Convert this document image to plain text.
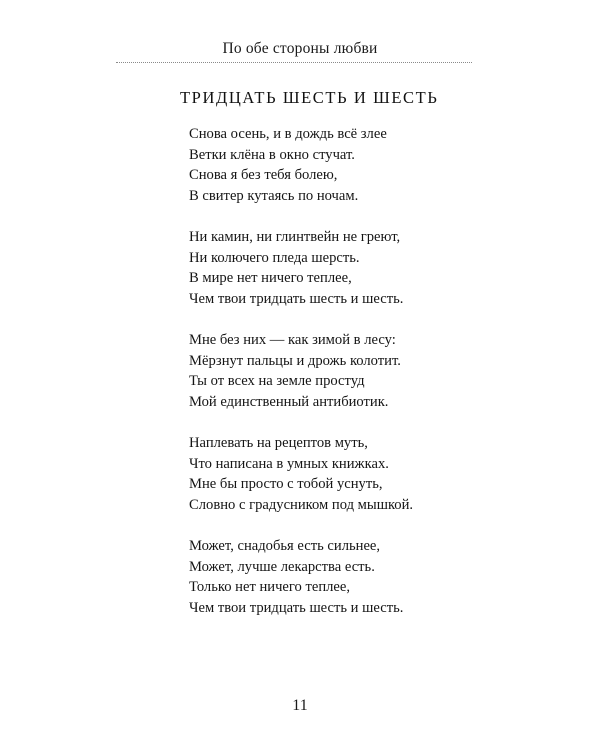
По обе стороны любви
ТРИДЦАТЬ ШЕСТЬ И ШЕСТЬ
Снова осень, и в дождь всё злее
Ветки клёна в окно стучат.
Снова я без тебя болею,
В свитер кутаясь по ночам.
Ни камин, ни глинтвейн не греют,
Ни колючего пледа шерсть.
В мире нет ничего теплее,
Чем твои тридцать шесть и шесть.
Мне без них — как зимой в лесу:
Мёрзнут пальцы и дрожь колотит.
Ты от всех на земле простуд
Мой единственный антибиотик.
Наплевать на рецептов муть,
Что написана в умных книжках.
Мне бы просто с тобой уснуть,
Словно с градусником под мышкой.
Может, снадобья есть сильнее,
Может, лучше лекарства есть.
Только нет ничего теплее,
Чем твои тридцать шесть и шесть.
11
